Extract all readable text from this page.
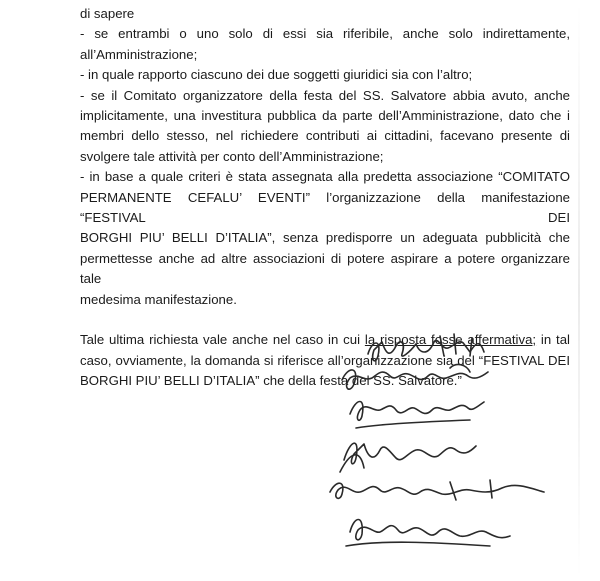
di sapere
- se entrambi o uno solo di essi sia riferibile, anche solo indirettamente,
all’Amministrazione;
- in quale rapporto ciascuno dei due soggetti giuridici sia con l’altro;
- se il Comitato organizzatore della festa del SS. Salvatore abbia avuto, anche
implicitamente, una investitura pubblica da parte dell’Amministrazione, dato che i
membri dello stesso, nel richiedere contributi ai cittadini, facevano presente di
svolgere tale attività per conto dell’Amministrazione;
- in base a quale criteri è stata assegnata alla predetta associazione “COMITATO
PERMANENTE CEFALU’ EVENTI” l’organizzazione della manifestazione “FESTIVAL DEI
BORGHI PIU’ BELLI D’ITALIA”, senza predisporre un adeguata pubblicità che
permettesse anche ad altre associazioni di potere aspirare a potere organizzare tale
medesima manifestazione.
Tale ultima richiesta vale anche nel caso in cui la risposta fosse affermativa; in tal
caso, ovviamente, la domanda si riferisce all’organizzazione sia del “FESTIVAL DEI
BORGHI PIU’ BELLI D’ITALIA” che della festa del SS. Salvatore.”
